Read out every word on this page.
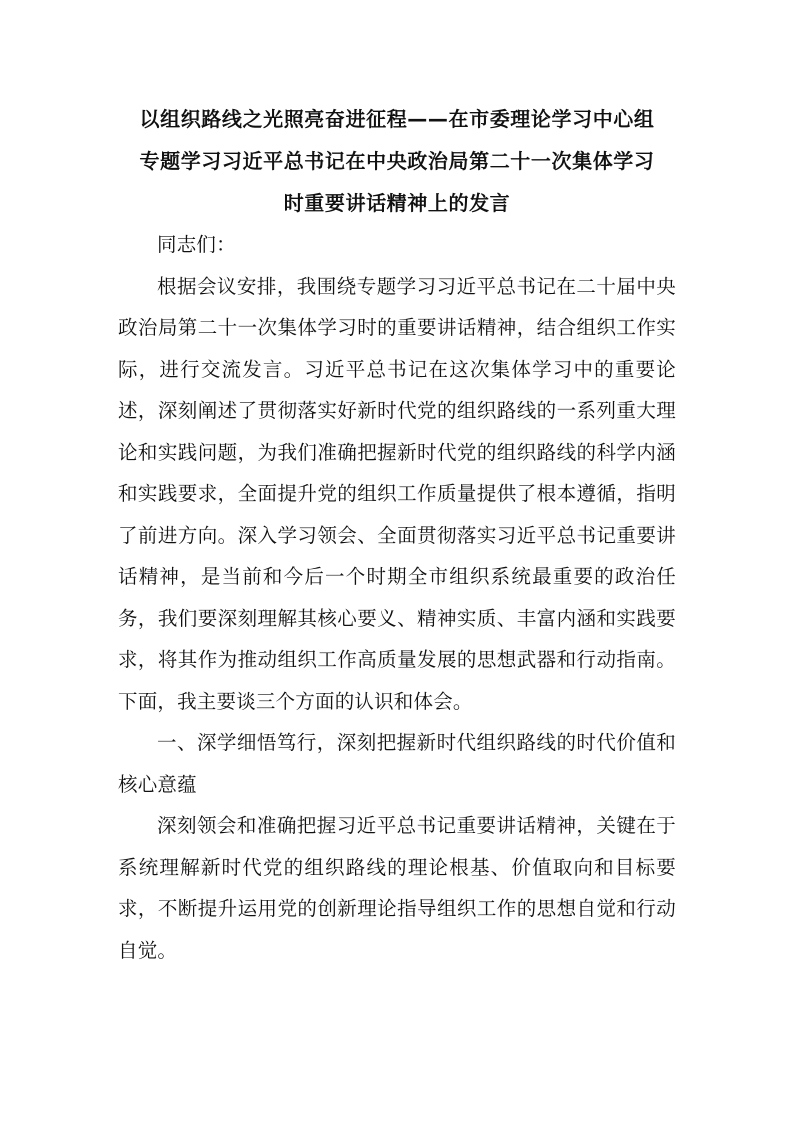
以组织路线之光照亮奋进征程——在市委理论学习中心组
专题学习习近平总书记在中央政治局第二十一次集体学习
时重要讲话精神上的发言

同志们：

根据会议安排，我围绕专题学习习近平总书记在二十届中央政治局第二十一次集体学习时的重要讲话精神，结合组织工作实际，进行交流发言。习近平总书记在这次集体学习中的重要论述，深刻阐述了贯彻落实好新时代党的组织路线的一系列重大理论和实践问题，为我们准确把握新时代党的组织路线的科学内涵和实践要求，全面提升党的组织工作质量提供了根本遵循，指明了前进方向。深入学习领会、全面贯彻落实习近平总书记重要讲话精神，是当前和今后一个时期全市组织系统最重要的政治任务，我们要深刻理解其核心要义、精神实质、丰富内涵和实践要求，将其作为推动组织工作高质量发展的思想武器和行动指南。下面，我主要谈三个方面的认识和体会。

一、深学细悟笃行，深刻把握新时代组织路线的时代价值和核心意蕴

深刻领会和准确把握习近平总书记重要讲话精神，关键在于系统理解新时代党的组织路线的理论根基、价值取向和目标要求，不断提升运用党的创新理论指导组织工作的思想自觉和行动自觉。
